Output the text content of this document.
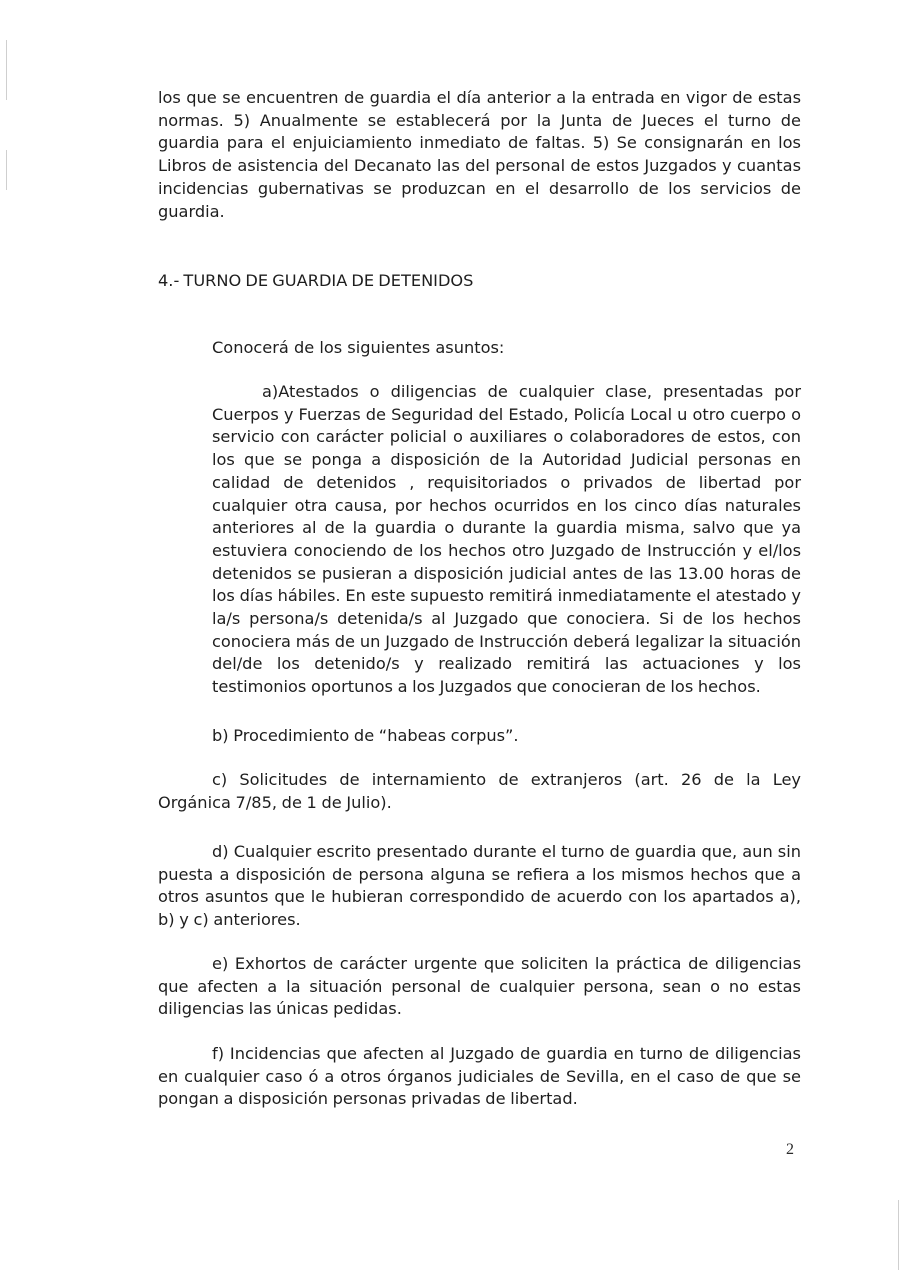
los que se encuentren de guardia el día anterior a la entrada en vigor de estas normas. 5) Anualmente se establecerá por la Junta de Jueces el turno de guardia para el enjuiciamiento inmediato de faltas. 5) Se consignarán en los Libros de asistencia del Decanato las del personal de estos Juzgados y cuantas incidencias gubernativas se produzcan en el desarrollo de los servicios de guardia.

4.- TURNO DE GUARDIA DE DETENIDOS

Conocerá de los siguientes asuntos:

a)Atestados o diligencias de cualquier clase, presentadas por Cuerpos y Fuerzas de Seguridad del Estado, Policía Local u otro cuerpo o servicio con carácter policial o auxiliares o colaboradores de estos, con los que se ponga a disposición de la Autoridad Judicial personas en calidad de detenidos , requisitoriados o privados de libertad por cualquier otra causa, por hechos ocurridos en los cinco días naturales anteriores al de la guardia o durante la guardia misma, salvo que ya estuviera conociendo de los hechos otro Juzgado de Instrucción y el/los detenidos se pusieran a disposición judicial antes de las 13.00 horas de los días hábiles. En este supuesto remitirá inmediatamente el atestado y la/s persona/s detenida/s al Juzgado que conociera. Si de los hechos conociera más de un Juzgado de Instrucción deberá legalizar la situación del/de los detenido/s y realizado remitirá las actuaciones y los testimonios oportunos a los Juzgados que conocieran de los hechos.

b) Procedimiento de “habeas corpus”.

c) Solicitudes de internamiento de extranjeros (art. 26 de la Ley Orgánica 7/85, de 1 de Julio).

d) Cualquier escrito presentado durante el turno de guardia que, aun sin puesta a disposición de persona alguna se refiera a los mismos hechos que a otros asuntos que le hubieran correspondido de acuerdo con los apartados a), b) y c) anteriores.

e) Exhortos de carácter urgente que soliciten la práctica de diligencias que afecten a la situación personal de cualquier persona, sean o no estas diligencias las únicas pedidas.

f) Incidencias que afecten al Juzgado de guardia en turno de diligencias en cualquier caso ó a otros órganos judiciales de Sevilla, en el caso de que se pongan a disposición personas privadas de libertad.

2
